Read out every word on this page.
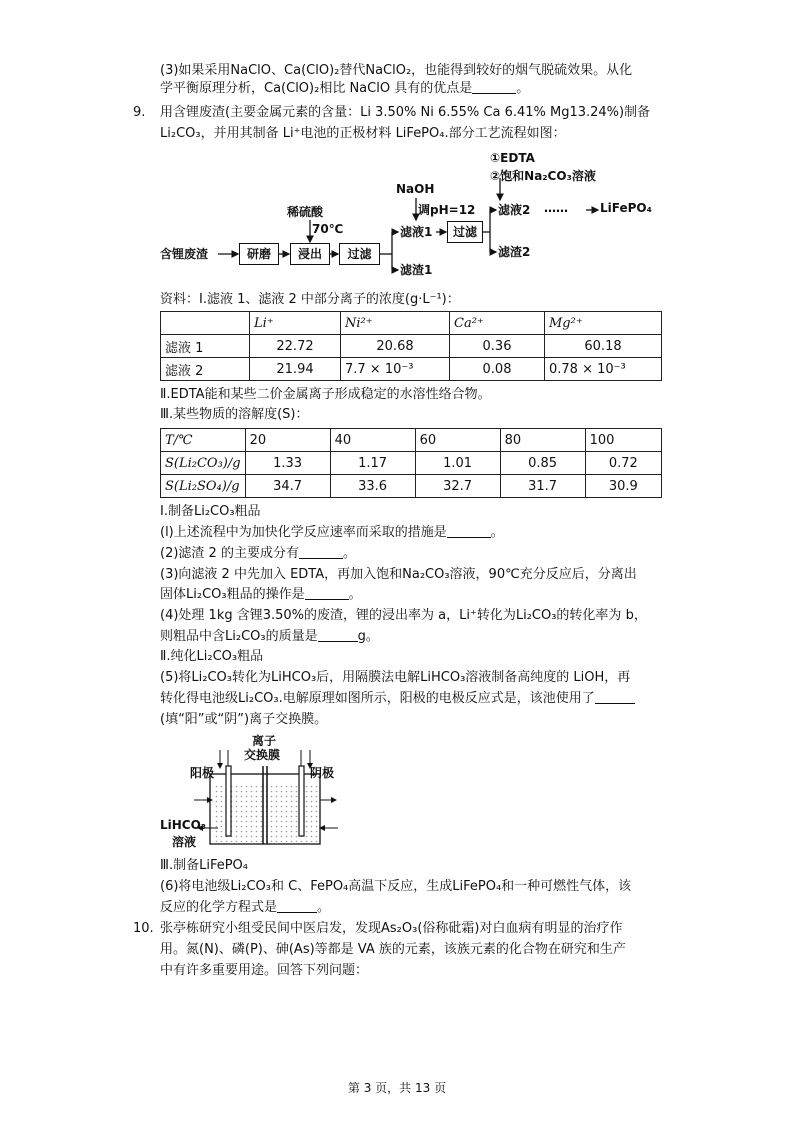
(3)如果采用NaClO、Ca(ClO)₂替代NaClO₂，也能得到较好的烟气脱硫效果。从化
学平衡原理分析，Ca(ClO)₂相比 NaClO 具有的优点是	。
9. 用含锂废渣(主要金属元素的含量：Li 3.50% Ni 6.55% Ca 6.41% Mg13.24%)制备
Li₂CO₃，并用其制备 Li⁺电池的正极材料 LiFePO₄.部分工艺流程如图：
①EDTA
②饱和Na₂CO₃溶液
NaOH
调pH=12
稀硫酸
70℃
含锂废渣	研磨	浸出	过滤
滤液1	过滤
滤液2 ……	LiFePO₄
滤渣1
滤渣2
资料：Ⅰ.滤液 1、滤液 2 中部分离子的浓度(g·L⁻¹)：
	Li⁺	Ni²⁺	Ca²⁺	Mg²⁺
滤液 1	22.72	20.68	0.36	60.18
滤液 2	21.94	7.7 × 10⁻³	0.08	0.78 × 10⁻³
Ⅱ.EDTA能和某些二价金属离子形成稳定的水溶性络合物。
Ⅲ.某些物质的溶解度(S)：
T/℃	20	40	60	80	100
S(Li₂CO₃)/g	1.33	1.17	1.01	0.85	0.72
S(Li₂SO₄)/g	34.7	33.6	32.7	31.7	30.9
Ⅰ.制备Li₂CO₃粗品
(l)上述流程中为加快化学反应速率而采取的措施是	。
(2)滤渣 2 的主要成分有	。
(3)向滤液 2 中先加入 EDTA，再加入饱和Na₂CO₃溶液，90℃充分反应后，分离出
固体Li₂CO₃粗品的操作是	。
(4)处理 1kg 含锂3.50%的废渣，锂的浸出率为 a，Li⁺转化为Li₂CO₃的转化率为 b，
则粗品中含Li₂CO₃的质量是	g。
Ⅱ.纯化Li₂CO₃粗品
(5)将Li₂CO₃转化为LiHCO₃后，用隔膜法电解LiHCO₃溶液制备高纯度的 LiOH，再
转化得电池级Li₂CO₃.电解原理如图所示，阳极的电极反应式是，该池使用了
(填“阳”或“阴”)离子交换膜。
离子
交换膜
阳极	阴极
LiHCO₃
溶液
Ⅲ.制备LiFePO₄
(6)将电池级Li₂CO₃和 C、FePO₄高温下反应，生成LiFePO₄和一种可燃性气体，该
反应的化学方程式是	。
10. 张亭栋研究小组受民间中医启发，发现As₂O₃(俗称砒霜)对白血病有明显的治疗作
用。氮(N)、磷(P)、砷(As)等都是 VA 族的元素，该族元素的化合物在研究和生产
中有许多重要用途。回答下列问题：
第 3 页，共 13 页
